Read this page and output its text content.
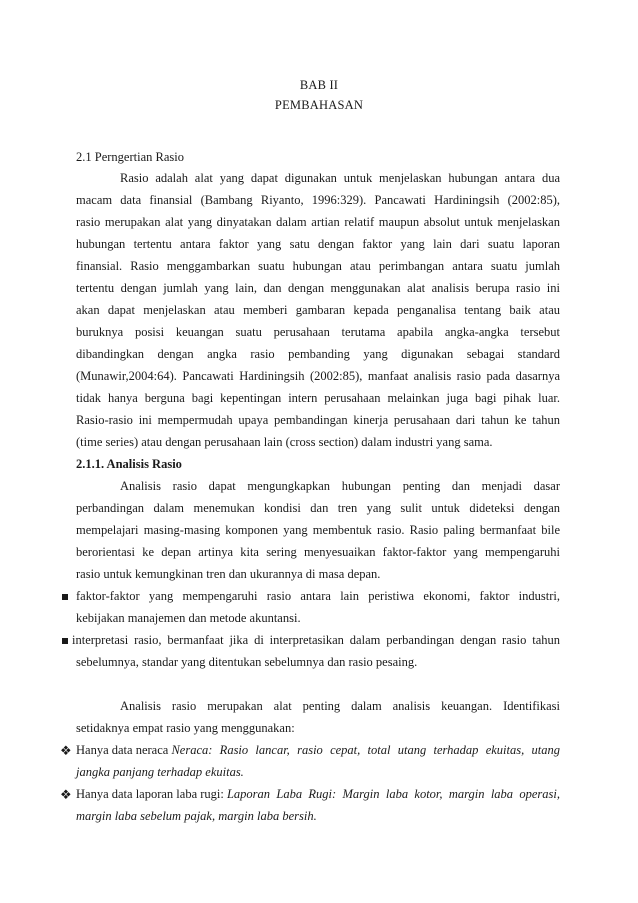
BAB II
PEMBAHASAN
2.1 Perngertian Rasio
Rasio adalah alat yang dapat digunakan untuk menjelaskan hubungan antara dua
macam data finansial (Bambang Riyanto, 1996:329). Pancawati Hardiningsih (2002:85),
rasio merupakan alat yang dinyatakan dalam artian relatif maupun absolut untuk menjelaskan
hubungan tertentu antara faktor yang satu dengan faktor yang lain dari suatu laporan
finansial. Rasio menggambarkan suatu hubungan atau perimbangan antara suatu jumlah
tertentu dengan jumlah yang lain, dan dengan menggunakan alat analisis berupa rasio ini
akan dapat menjelaskan atau memberi gambaran kepada penganalisa tentang baik atau
buruknya posisi keuangan suatu perusahaan terutama apabila angka-angka tersebut
dibandingkan dengan angka rasio pembanding yang digunakan sebagai standard
(Munawir,2004:64). Pancawati Hardiningsih (2002:85), manfaat analisis rasio pada dasarnya
tidak hanya berguna bagi kepentingan intern perusahaan melainkan juga bagi pihak luar.
Rasio-rasio ini mempermudah upaya pembandingan kinerja perusahaan dari tahun ke tahun
(time series) atau dengan perusahaan lain (cross section) dalam industri yang sama.
2.1.1. Analisis Rasio
Analisis rasio dapat mengungkapkan hubungan penting dan menjadi dasar
perbandingan dalam menemukan kondisi dan tren yang sulit untuk dideteksi dengan
mempelajari masing-masing komponen yang membentuk rasio. Rasio paling bermanfaat bile
berorientasi ke depan artinya kita sering menyesuaikan faktor-faktor yang mempengaruhi
rasio untuk kemungkinan tren dan ukurannya di masa depan.
faktor-faktor yang mempengaruhi rasio antara lain peristiwa ekonomi, faktor industri,
kebijakan manajemen dan metode akuntansi.
interpretasi rasio, bermanfaat jika di interpretasikan dalam perbandingan dengan rasio tahun
sebelumnya, standar yang ditentukan sebelumnya dan rasio pesaing.
Analisis rasio merupakan alat penting dalam analisis keuangan. Identifikasi
setidaknya empat rasio yang menggunakan:
❖ Hanya data neraca Neraca: Rasio lancar, rasio cepat, total utang terhadap ekuitas, utang
jangka panjang terhadap ekuitas.
❖ Hanya data laporan laba rugi: Laporan Laba Rugi: Margin laba kotor, margin laba operasi,
margin laba sebelum pajak, margin laba bersih.
